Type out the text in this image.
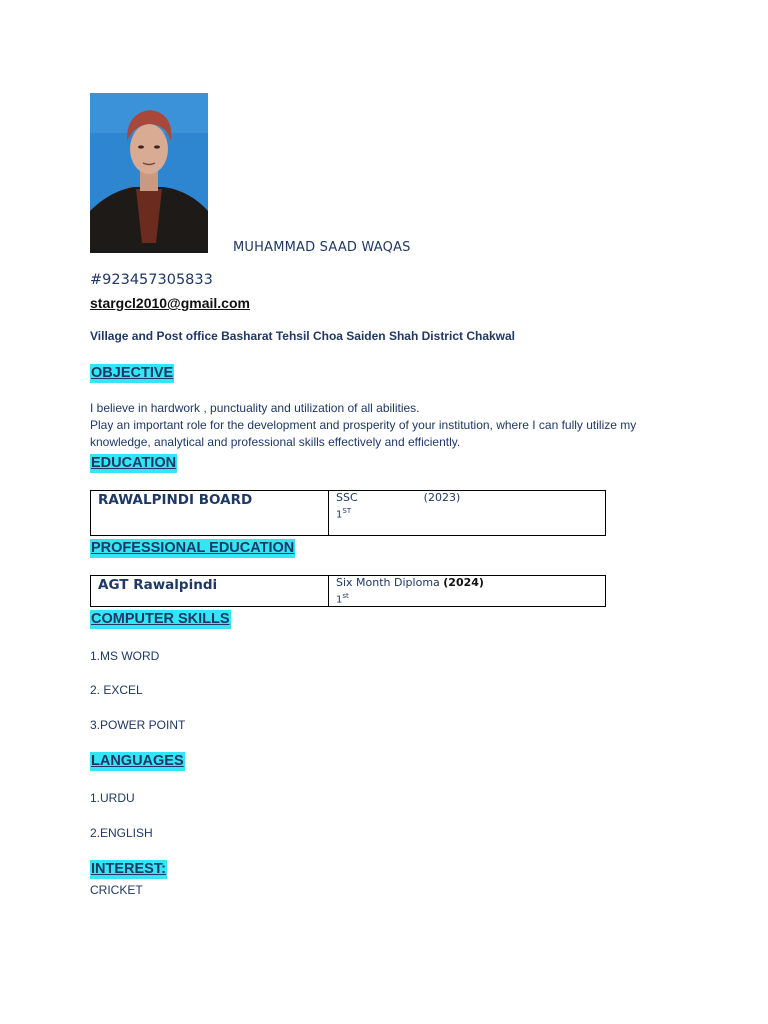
MUHAMMAD SAAD WAQAS
#923457305833
stargcl2010@gmail.com
Village and Post office Basharat Tehsil Choa Saiden Shah District Chakwal
OBJECTIVE
I believe in hardwork , punctuality and utilization of all abilities.
Play an important role for the development and prosperity of your institution, where I can fully utilize my knowledge, analytical and professional skills effectively and efficiently.
EDUCATION
RAWALPINDI BOARD	SSC	(2023)
1ST
PROFESSIONAL EDUCATION
AGT Rawalpindi	Six Month Diploma (2024)
1st
COMPUTER SKILLS
1.MS WORD
2. EXCEL
3.POWER POINT
LANGUAGES
1.URDU
2.ENGLISH
INTEREST:
CRICKET
